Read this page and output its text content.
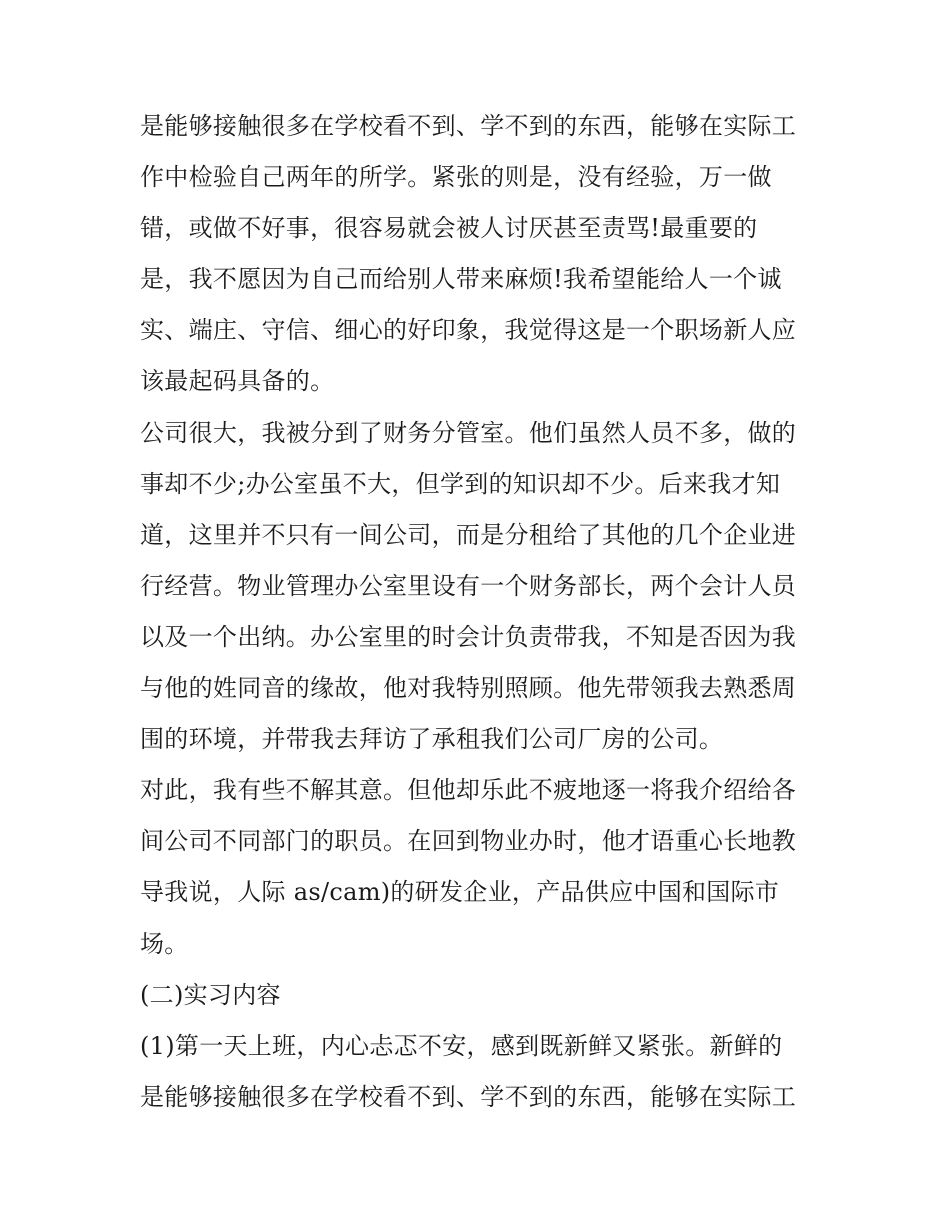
是能够接触很多在学校看不到、学不到的东西，能够在实际工
作中检验自己两年的所学。紧张的则是，没有经验，万一做
错，或做不好事，很容易就会被人讨厌甚至责骂!最重要的
是，我不愿因为自己而给别人带来麻烦!我希望能给人一个诚
实、端庄、守信、细心的好印象，我觉得这是一个职场新人应
该最起码具备的。
公司很大，我被分到了财务分管室。他们虽然人员不多，做的
事却不少;办公室虽不大，但学到的知识却不少。后来我才知
道，这里并不只有一间公司，而是分租给了其他的几个企业进
行经营。物业管理办公室里设有一个财务部长，两个会计人员
以及一个出纳。办公室里的时会计负责带我，不知是否因为我
与他的姓同音的缘故，他对我特别照顾。他先带领我去熟悉周
围的环境，并带我去拜访了承租我们公司厂房的公司。
对此，我有些不解其意。但他却乐此不疲地逐一将我介绍给各
间公司不同部门的职员。在回到物业办时，他才语重心长地教
导我说，人际 as/cam)的研发企业，产品供应中国和国际市
场。
(二)实习内容
(1)第一天上班，内心忐忑不安，感到既新鲜又紧张。新鲜的
是能够接触很多在学校看不到、学不到的东西，能够在实际工
